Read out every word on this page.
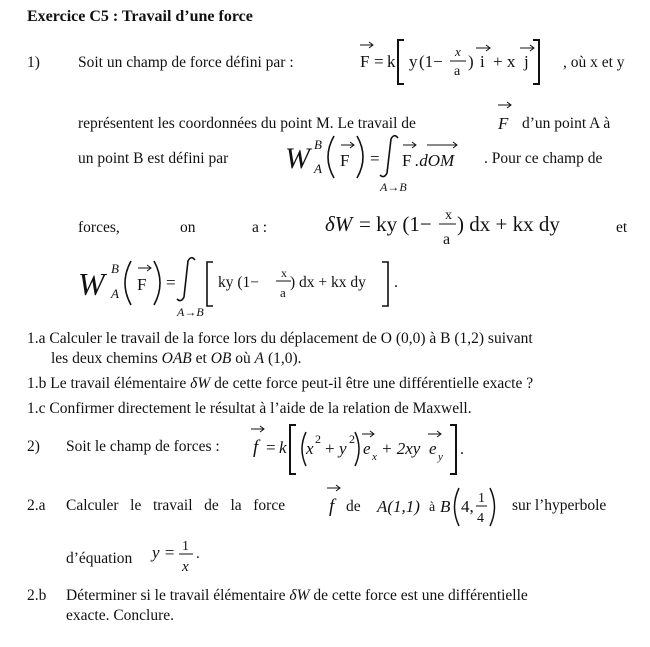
Exercice C5 : Travail d’une force
1) Soit un champ de force défini par :	F = k y (1−
x
a
) i + x j , où x et y
représentent les coordonnées du point M. Le travail de	F d’un point A à
un point B est défini par W B
A F =
A→B
F .dOM . Pour ce champ de
forces,	on	a :	δW = ky (1− x
a
) dx + kx dy	et
W B
A F =
A→B
ky (1−
x
a
) dx + kx dy .
1.a Calculer le travail de la force lors du déplacement de O (0,0) à B (1,2) suivant
les deux chemins OAB et OB où A (1,0).
1.b Le travail élémentaire δW de cette force peut-il être une différentielle exacte ?
1.c Confirmer directement le résultat à l’aide de la relation de Maxwell.
2) Soit le champ de forces : f = k x 2 + y 2 e x + 2xy e y .
2.a Calculer le travail de la force f de A(1,1) à B 4, 1
4
sur l’hyperbole
d’équation y = 1
x
.
2.b Déterminer si le travail élémentaire δW de cette force est une différentielle
exacte. Conclure.
